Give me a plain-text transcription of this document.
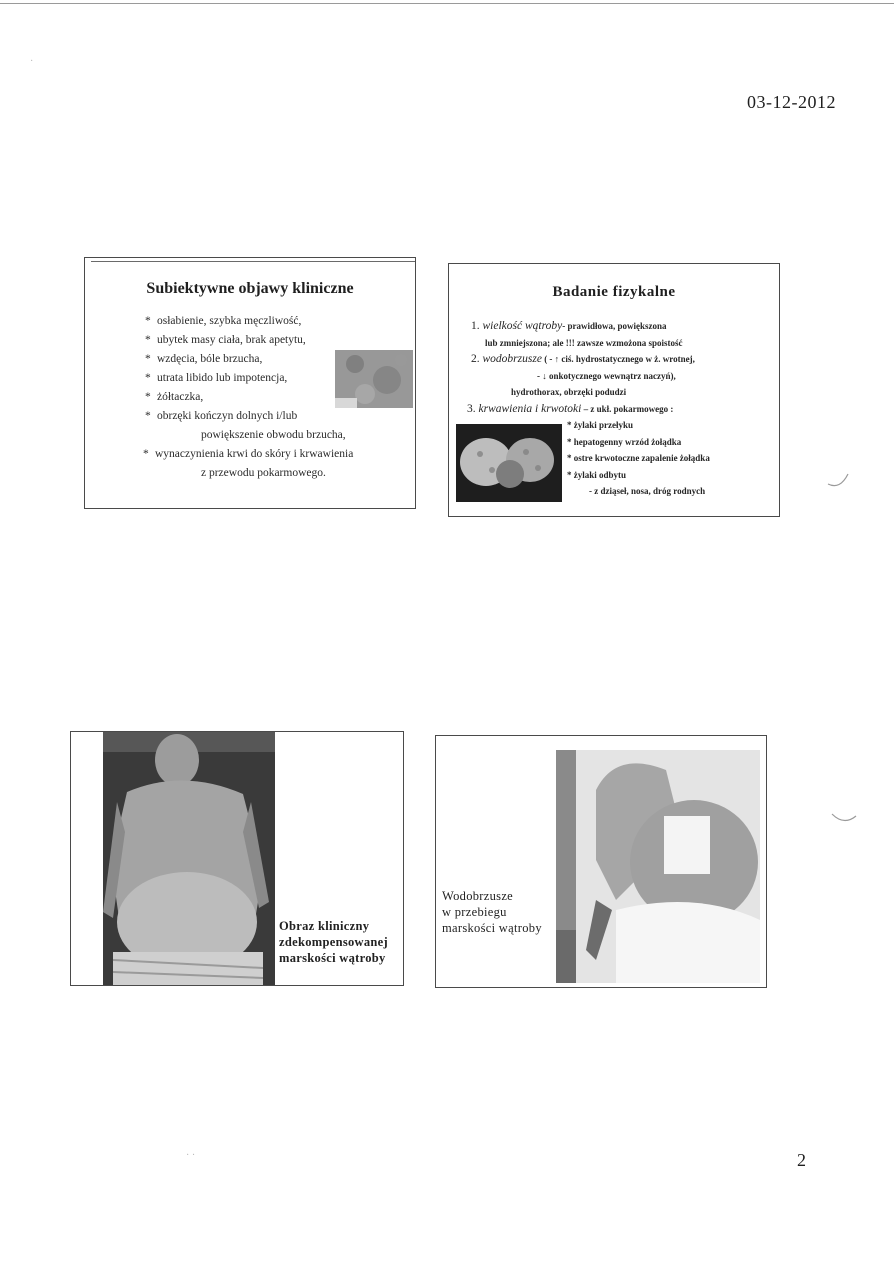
03-12-2012
·
· ·
Subiektywne objawy kliniczne
* osłabienie, szybka męczliwość,
* ubytek masy ciała, brak apetytu,
* wzdęcia, bóle brzucha,
* utrata libido lub impotencja,
* żółtaczka,
* obrzęki kończyn dolnych i/lub
powiększenie obwodu brzucha,
* wynaczynienia krwi do skóry i krwawienia
z przewodu pokarmowego.
Badanie fizykalne
1. wielkość wątroby- prawidłowa, powiększona
lub zmniejszona; ale !!! zawsze wzmożona spoistość
2. wodobrzusze ( - ↑ ciś. hydrostatycznego w ż. wrotnej,
- ↓ onkotycznego wewnątrz naczyń),
hydrothorax, obrzęki podudzi
3. krwawienia i krwotoki – z ukł. pokarmowego :
* żylaki przełyku
* hepatogenny wrzód żołądka
* ostre krwotoczne zapalenie żołądka
* żylaki odbytu
- z dziąseł, nosa, dróg rodnych
Obraz kliniczny
zdekompensowanej
marskości wątroby
Wodobrzusze
w przebiegu
marskości wątroby
2
